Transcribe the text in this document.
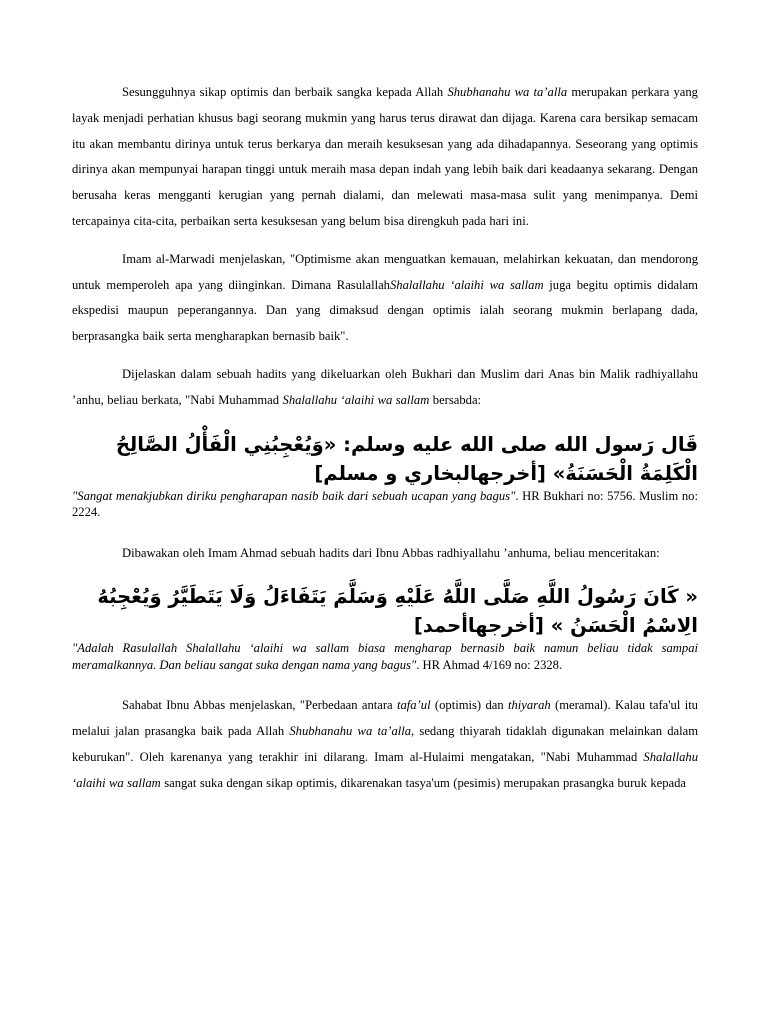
Sesungguhnya sikap optimis dan berbaik sangka kepada Allah Shubhanahu wa ta’alla merupakan perkara yang layak menjadi perhatian khusus bagi seorang mukmin yang harus terus dirawat dan dijaga. Karena cara bersikap semacam itu akan membantu dirinya untuk terus berkarya dan meraih kesuksesan yang ada dihadapannya. Seseorang yang optimis dirinya akan mempunyai harapan tinggi untuk meraih masa depan indah yang lebih baik dari keadaanya sekarang. Dengan berusaha keras mengganti kerugian yang pernah dialami, dan melewati masa-masa sulit yang menimpanya. Demi tercapainya cita-cita, perbaikan serta kesuksesan yang belum bisa direngkuh pada hari ini.

Imam al-Marwadi menjelaskan, "Optimisme akan menguatkan kemauan, melahirkan kekuatan, dan mendorong untuk memperoleh apa yang diinginkan. Dimana RasulallahShalallahu ‘alaihi wa sallam juga begitu optimis didalam ekspedisi maupun peperangannya. Dan yang dimaksud dengan optimis ialah seorang mukmin berlapang dada, berprasangka baik serta mengharapkan bernasib baik".

Dijelaskan dalam sebuah hadits yang dikeluarkan oleh Bukhari dan Muslim dari Anas bin Malik radhiyallahu ’anhu, beliau berkata, "Nabi Muhammad Shalallahu ‘alaihi wa sallam bersabda:

قَال رَسول الله صلى الله عليه وسلم: «وَيُعْجِبُنِي الْفَأْلُ الصَّالِحُ
الْكَلِمَةُ الْحَسَنَةُ» [أخرجهالبخاري و مسلم]

"Sangat menakjubkan diriku pengharapan nasib baik dari sebuah ucapan yang bagus". HR Bukhari no: 5756. Muslim no: 2224.

Dibawakan oleh Imam Ahmad sebuah hadits dari Ibnu Abbas radhiyallahu ’anhuma, beliau menceritakan:

« كَانَ رَسُولُ اللَّهِ صَلَّى اللَّهُ عَلَيْهِ وَسَلَّمَ يَتَفَاءَلُ وَلَا يَتَطَيَّرُ وَيُعْجِبُهُ
الِاسْمُ الْحَسَنُ » [أخرجهاأحمد]

"Adalah Rasulallah Shalallahu ‘alaihi wa sallam biasa mengharap bernasib baik namun beliau tidak sampai meramalkannya. Dan beliau sangat suka dengan nama yang bagus". HR Ahmad 4/169 no: 2328.

Sahabat Ibnu Abbas menjelaskan, "Perbedaan antara tafa’ul (optimis) dan thiyarah (meramal). Kalau tafa'ul itu melalui jalan prasangka baik pada Allah Shubhanahu wa ta’alla, sedang thiyarah tidaklah digunakan melainkan dalam keburukan". Oleh karenanya yang terakhir ini dilarang. Imam al-Hulaimi mengatakan, "Nabi Muhammad Shalallahu ‘alaihi wa sallam sangat suka dengan sikap optimis, dikarenakan tasya'um (pesimis) merupakan prasangka buruk kepada
